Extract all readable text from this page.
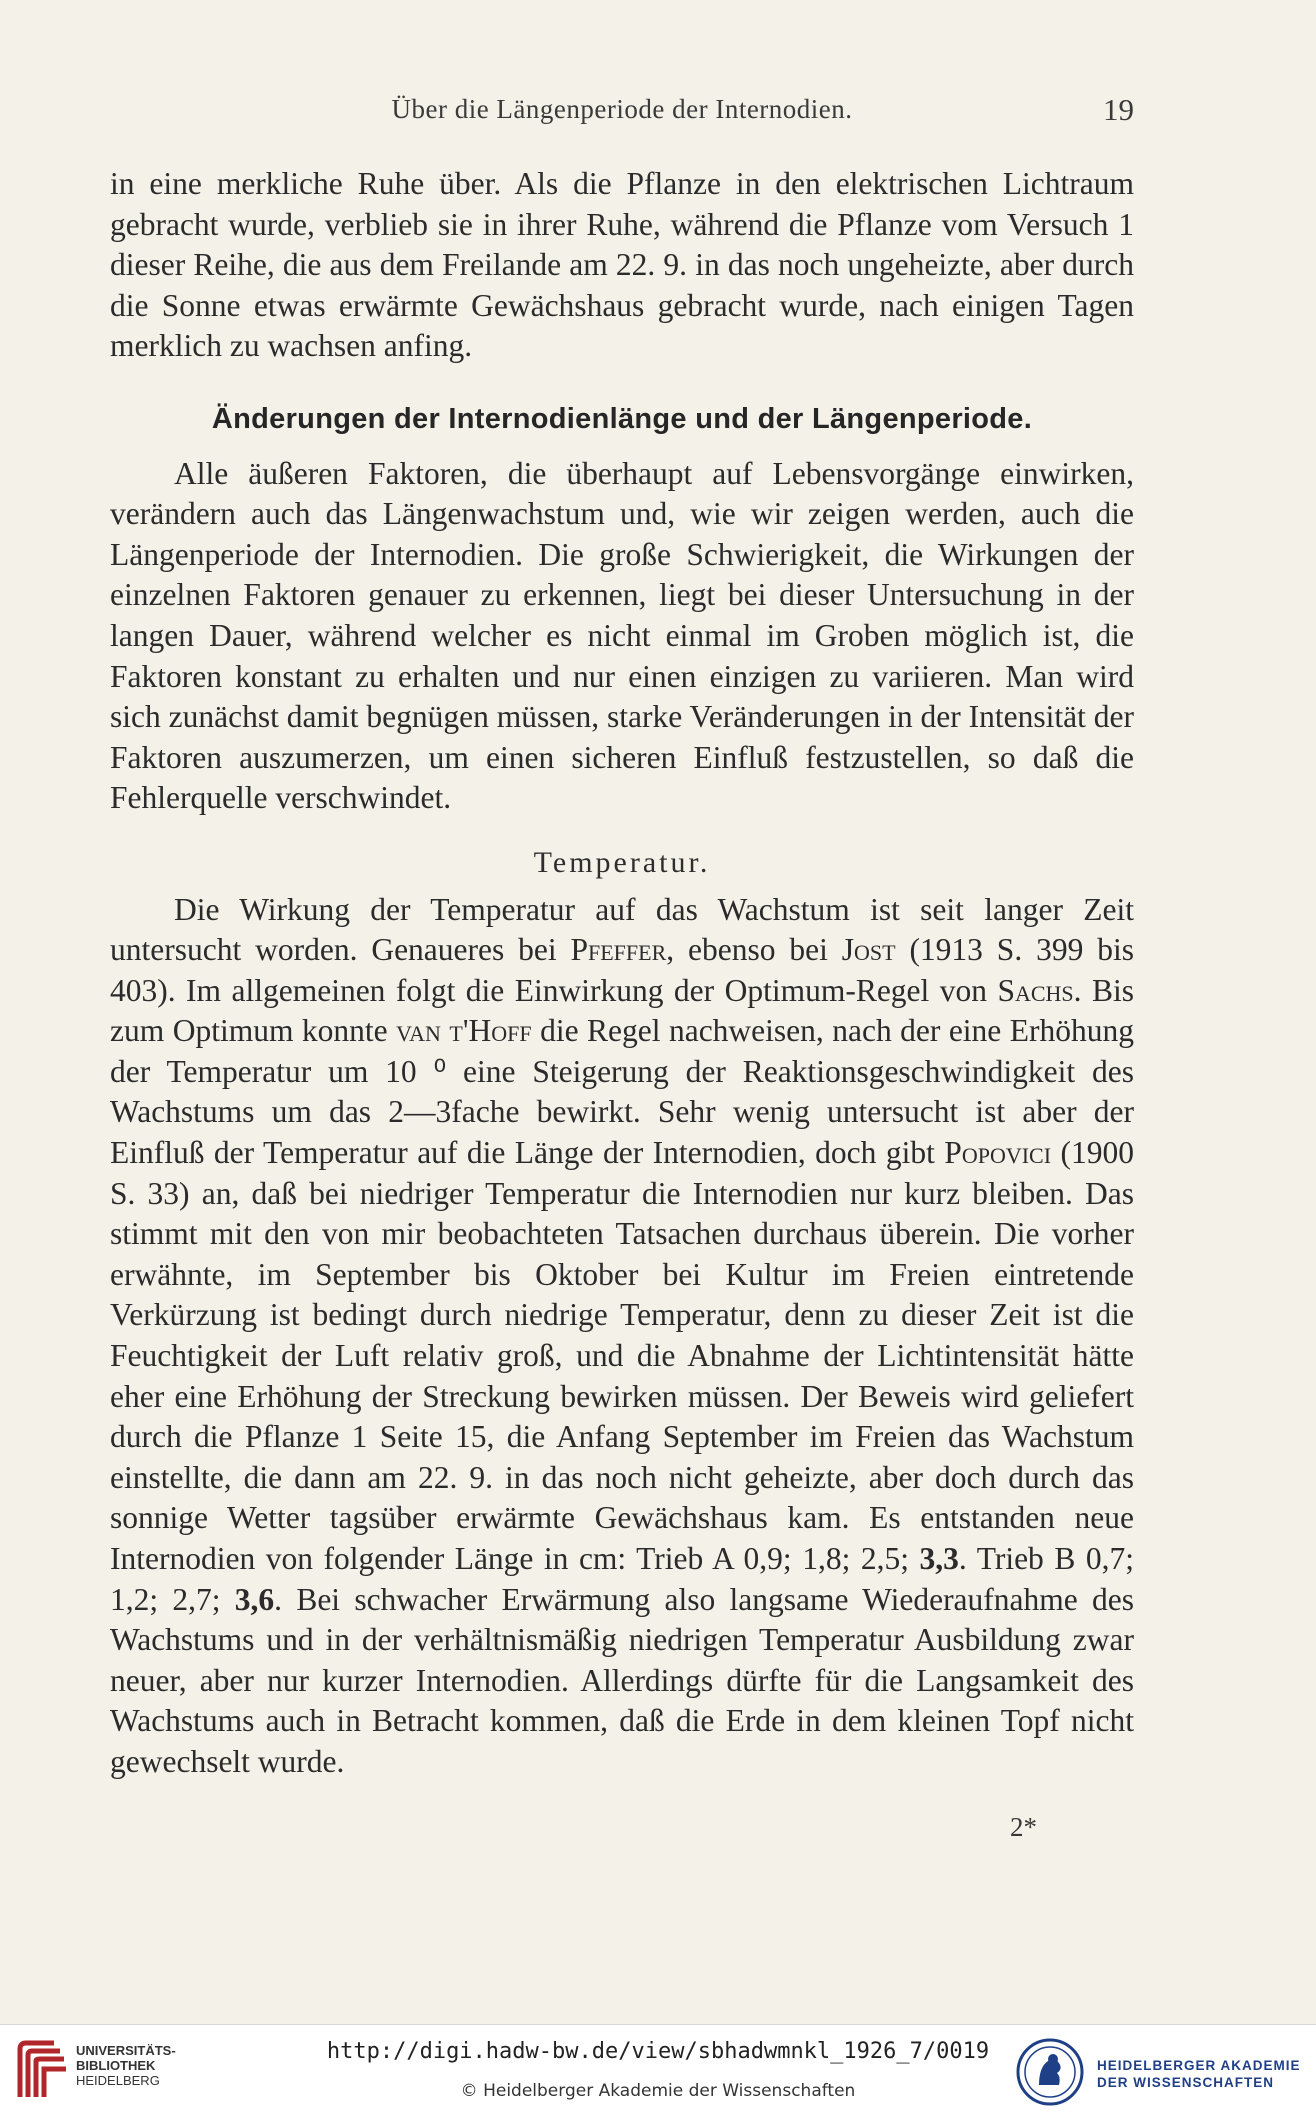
Über die Längenperiode der Internodien.	19

in eine merkliche Ruhe über. Als die Pflanze in den elektrischen Lichtraum gebracht wurde, verblieb sie in ihrer Ruhe, während die Pflanze vom Versuch 1 dieser Reihe, die aus dem Freilande am 22. 9. in das noch ungeheizte, aber durch die Sonne etwas erwärmte Gewächshaus gebracht wurde, nach einigen Tagen merklich zu wachsen anfing.

Änderungen der Internodienlänge und der Längenperiode.

Alle äußeren Faktoren, die überhaupt auf Lebensvorgänge einwirken, verändern auch das Längenwachstum und, wie wir zeigen werden, auch die Längenperiode der Internodien. Die große Schwierigkeit, die Wirkungen der einzelnen Faktoren genauer zu erkennen, liegt bei dieser Untersuchung in der langen Dauer, während welcher es nicht einmal im Groben möglich ist, die Faktoren konstant zu erhalten und nur einen einzigen zu variieren. Man wird sich zunächst damit begnügen müssen, starke Veränderungen in der Intensität der Faktoren auszumerzen, um einen sicheren Einfluß festzustellen, so daß die Fehlerquelle verschwindet.

Temperatur.

Die Wirkung der Temperatur auf das Wachstum ist seit langer Zeit untersucht worden. Genaueres bei Pfeffer, ebenso bei Jost (1913 S. 399 bis 403). Im allgemeinen folgt die Einwirkung der Optimum-Regel von Sachs. Bis zum Optimum konnte van t'Hoff die Regel nachweisen, nach der eine Erhöhung der Temperatur um 10 ⁰ eine Steigerung der Reaktionsgeschwindigkeit des Wachstums um das 2—3fache bewirkt. Sehr wenig untersucht ist aber der Einfluß der Temperatur auf die Länge der Internodien, doch gibt Popovici (1900 S. 33) an, daß bei niedriger Temperatur die Internodien nur kurz bleiben. Das stimmt mit den von mir beobachteten Tatsachen durchaus überein. Die vorher erwähnte, im September bis Oktober bei Kultur im Freien eintretende Verkürzung ist bedingt durch niedrige Temperatur, denn zu dieser Zeit ist die Feuchtigkeit der Luft relativ groß, und die Abnahme der Lichtintensität hätte eher eine Erhöhung der Streckung bewirken müssen. Der Beweis wird geliefert durch die Pflanze 1 Seite 15, die Anfang September im Freien das Wachstum einstellte, die dann am 22. 9. in das noch nicht geheizte, aber doch durch das sonnige Wetter tagsüber erwärmte Gewächshaus kam. Es entstanden neue Internodien von folgender Länge in cm: Trieb A 0,9; 1,8; 2,5; 3,3. Trieb B 0,7; 1,2; 2,7; 3,6. Bei schwacher Erwärmung also langsame Wiederaufnahme des Wachstums und in der verhältnismäßig niedrigen Temperatur Ausbildung zwar neuer, aber nur kurzer Internodien. Allerdings dürfte für die Langsamkeit des Wachstums auch in Betracht kommen, daß die Erde in dem kleinen Topf nicht gewechselt wurde.

2*
UNIVERSITÄTS-
BIBLIOTHEK
HEIDELBERG
http://digi.hadw-bw.de/view/sbhadwmnkl_1926_7/0019
© Heidelberger Akademie der Wissenschaften
HEIDELBERGER AKADEMIE
DER WISSENSCHAFTEN
